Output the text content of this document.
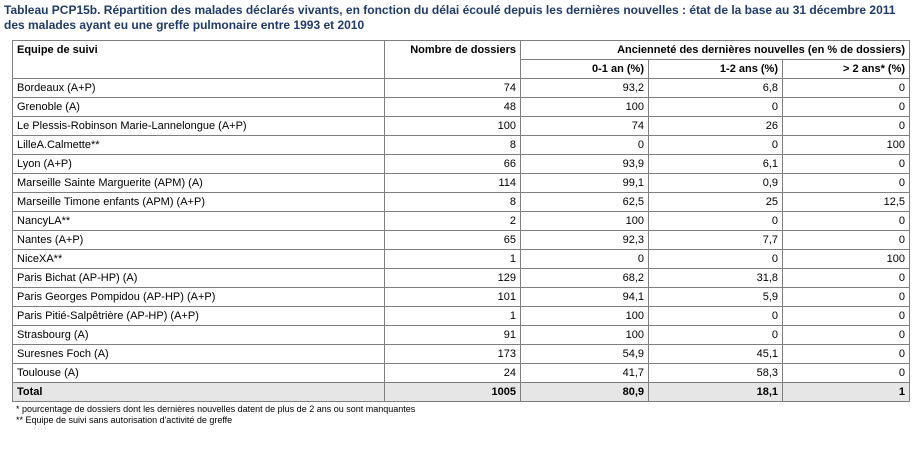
Tableau PCP15b. Répartition des malades déclarés vivants, en fonction du délai écoulé depuis les dernières nouvelles : état de la base au 31 décembre 2011
des malades ayant eu une greffe pulmonaire entre 1993 et 2010
Equipe de suivi	Nombre de dossiers	Ancienneté des dernières nouvelles (en % de dossiers)		
		0-1 an (%)	1-2 ans (%)	> 2 ans* (%)
Bordeaux (A+P)	74	93,2	6,8	0
Grenoble (A)	48	100	0	0
Le Plessis-Robinson Marie-Lannelongue (A+P)	100	74	26	0
LilleA.Calmette**	8	0	0	100
Lyon (A+P)	66	93,9	6,1	0
Marseille Sainte Marguerite (APM) (A)	114	99,1	0,9	0
Marseille Timone enfants (APM) (A+P)	8	62,5	25	12,5
NancyLA**	2	100	0	0
Nantes (A+P)	65	92,3	7,7	0
NiceXA**	1	0	0	100
Paris Bichat (AP-HP) (A)	129	68,2	31,8	0
Paris Georges Pompidou (AP-HP) (A+P)	101	94,1	5,9	0
Paris Pitié-Salpêtrière (AP-HP) (A+P)	1	100	0	0
Strasbourg (A)	91	100	0	0
Suresnes Foch (A)	173	54,9	45,1	0
Toulouse (A)	24	41,7	58,3	0
Total	1005	80,9	18,1	1
* pourcentage de dossiers dont les dernières nouvelles datent de plus de 2 ans ou sont manquantes
** Equipe de suivi sans autorisation d'activité de greffe
